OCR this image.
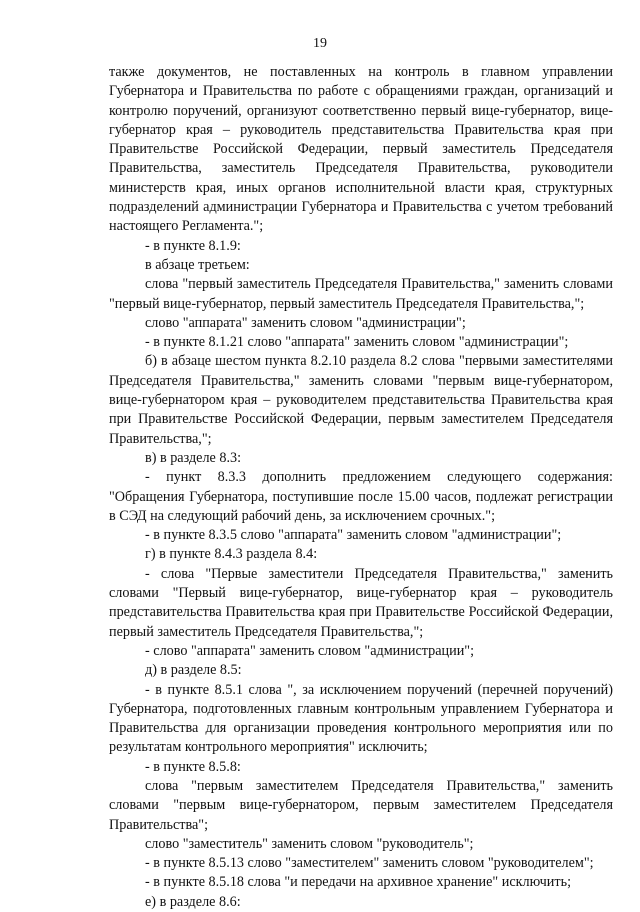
19

также документов, не поставленных на контроль в главном управлении Губернатора и Правительства по работе с обращениями граждан, организаций и контролю поручений, организуют соответственно первый вице-губернатор, вице-губернатор края – руководитель представительства Правительства края при Правительстве Российской Федерации, первый заместитель Председателя Правительства, заместитель Председателя Правительства, руководители министерств края, иных органов исполнительной власти края, структурных подразделений администрации Губернатора и Правительства с учетом требований настоящего Регламента.";

- в пункте 8.1.9:

в абзаце третьем:

слова "первый заместитель Председателя Правительства," заменить словами "первый вице-губернатор, первый заместитель Председателя Правительства,";

слово "аппарата" заменить словом "администрации";

- в пункте 8.1.21 слово "аппарата" заменить словом "администрации";

б) в абзаце шестом пункта 8.2.10 раздела 8.2 слова "первыми заместителями Председателя Правительства," заменить словами "первым вице-губернатором, вице-губернатором края – руководителем представительства Правительства края при Правительстве Российской Федерации, первым заместителем Председателя Правительства,";

в) в разделе 8.3:

- пункт 8.3.3 дополнить предложением следующего содержания: "Обращения Губернатора, поступившие после 15.00 часов, подлежат регистрации в СЭД на следующий рабочий день, за исключением срочных.";

- в пункте 8.3.5 слово "аппарата" заменить словом "администрации";

г) в пункте 8.4.3 раздела 8.4:

- слова "Первые заместители Председателя Правительства," заменить словами "Первый вице-губернатор, вице-губернатор края – руководитель представительства Правительства края при Правительстве Российской Федерации, первый заместитель Председателя Правительства,";

- слово "аппарата" заменить словом "администрации";

д) в разделе 8.5:

- в пункте 8.5.1 слова ", за исключением поручений (перечней поручений) Губернатора, подготовленных главным контрольным управлением Губернатора и Правительства для организации проведения контрольного мероприятия или по результатам контрольного мероприятия" исключить;

- в пункте 8.5.8:

слова "первым заместителем Председателя Правительства," заменить словами "первым вице-губернатором, первым заместителем Председателя Правительства";

слово "заместитель" заменить словом "руководитель";

- в пункте 8.5.13 слово "заместителем" заменить словом "руководителем";

- в пункте 8.5.18 слова "и передачи на архивное хранение" исключить;

е) в разделе 8.6:
